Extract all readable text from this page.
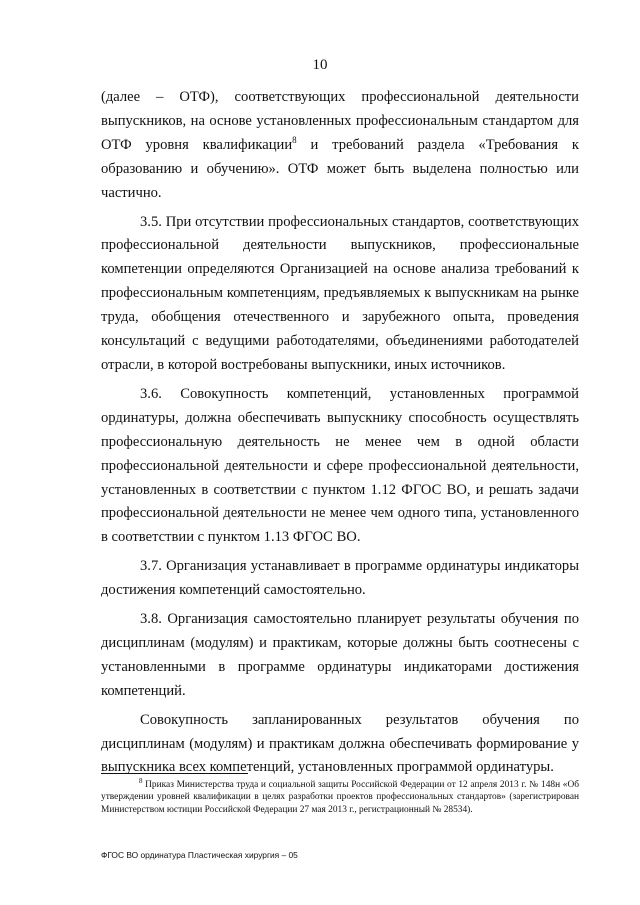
10

(далее – ОТФ), соответствующих профессиональной деятельности выпускников, на основе установленных профессиональным стандартом для ОТФ уровня квалификации$^8$ и требований раздела «Требования к образованию и обучению». ОТФ может быть выделена полностью или частично.

3.5. При отсутствии профессиональных стандартов, соответствующих профессиональной деятельности выпускников, профессиональные компетенции определяются Организацией на основе анализа требований к профессиональным компетенциям, предъявляемых к выпускникам на рынке труда, обобщения отечественного и зарубежного опыта, проведения консультаций с ведущими работодателями, объединениями работодателей отрасли, в которой востребованы выпускники, иных источников.

3.6. Совокупность компетенций, установленных программой ординатуры, должна обеспечивать выпускнику способность осуществлять профессиональную деятельность не менее чем в одной области профессиональной деятельности и сфере профессиональной деятельности, установленных в соответствии с пунктом 1.12 ФГОС ВО, и решать задачи профессиональной деятельности не менее чем одного типа, установленного в соответствии с пунктом 1.13 ФГОС ВО.

3.7. Организация устанавливает в программе ординатуры индикаторы достижения компетенций самостоятельно.

3.8. Организация самостоятельно планирует результаты обучения по дисциплинам (модулям) и практикам, которые должны быть соотнесены с установленными в программе ординатуры индикаторами достижения компетенций.

Совокупность запланированных результатов обучения по дисциплинам (модулям) и практикам должна обеспечивать формирование у выпускника всех компетенций, установленных программой ординатуры.

$^8$ Приказ Министерства труда и социальной защиты Российской Федерации от 12 апреля 2013 г. № 148н «Об утверждении уровней квалификации в целях разработки проектов профессиональных стандартов» (зарегистрирован Министерством юстиции Российской Федерации 27 мая 2013 г., регистрационный № 28534).
ФГОС ВО ординатура Пластическая хирургия – 05
